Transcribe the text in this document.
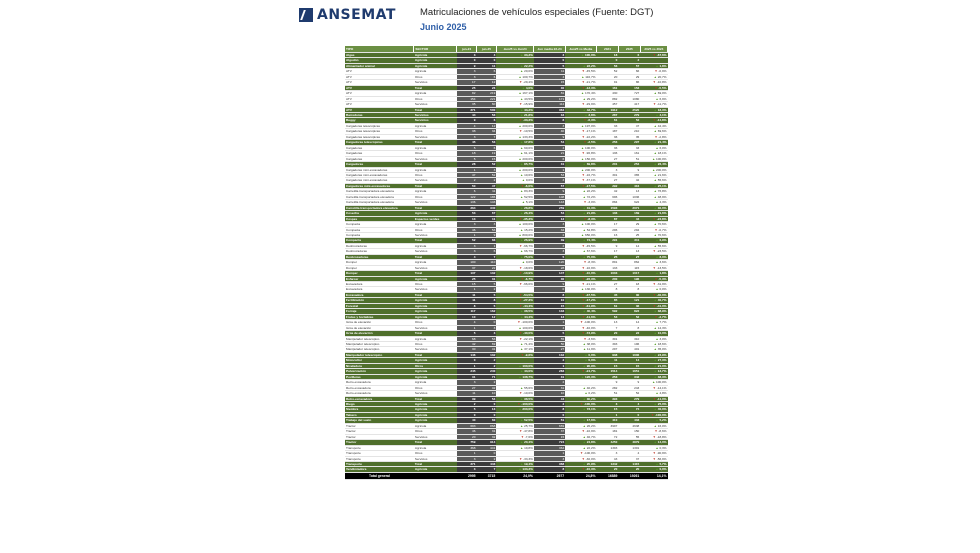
ANSEMAT	Matriculaciones de vehículos especiales (Fuente: DGT)
Junio 2025
TIPO	SECTOR	jun-24	jun-25	Jun25 vs Jun24	Jun media 22-24	Jun25 vs Media	2024	2025	2025 vs 2024
Algas	Agrícola	3	4	▲ 33,3%	3	▲ 100,0%	18	6	▼ -67,6%
Algodón	Agrícola	0	0		0		0	2	
Alimentador animal	Agrícola	9	11	▲ 22,2%	5	▲ 22,2%	56	57	▲ 1,8%
ATV	Agrícola	3	6	▲ 20,0%	11	▼ -45,5%	52	66	▼ -0,9%
ATV	Otros	3	6	▲ 100,7%	4	▲ 116,7%	20	29	▲ 20,7%
ATV	Servicios	17	12	▼ -29,4%	15	▼ -21,7%	91	86	▼ -10,8%
ATV	Total	25	26	▲ 4,0%	30	▼ -13,3%	161	153	▼ -5,5%
ATV	Agrícola	82	219	▲ 167,1%	81	▲ 170,4%	430	727	▲ 69,0%
ATV	Otros	154	221	▲ 43,5%	171	▲ 29,2%	882	1080	▲ 6,9%
ATV	Servicios	35	60	▼ -15,9%	112	▼ -29,9%	457	417	▼ -11,7%
ATV	Total	371	500	▲ 43,2%	364	▲ 43,7%	1912	2520	▲ 18,3%
Barredoras	Servicios	44	53	▲ 21,8%	34	▲ 3,8%	287	279	▲ 4,1%
Buggy	Servicios	9	6	▼ -33,3%	8	▼ -6,3%	61	52	▼ -14,8%
Cargadoras telescópicas	Agrícola	4	12	▲ 200,0%	3	▲ 197,0%	33	47	▲ 42,4%
Cargadoras telescópicas	Otros	38	34	▼ -10,5%	40	▼ -17,1%	187	210	▲ 69,6%
Cargadoras telescópicas	Servicios	3	7	▲ 133,3%	9	▼ -22,2%	36	35	▼ -2,8%
Cargadoras telescópicas	Total	45	53	▲ 17,8%	54	▼ -2,5%	256	297	▲ 21,4%
Cargadoras	Agrícola	5	6	▲ 60,0%	4	▲ 100,0%	36	33	▲ 6,0%
Cargadoras	Otros	18	19	▲ 61,1%	21	▼ -96,8%	136	161	▲ 18,1%
Cargadoras	Servicios	5	15	▲ 200,0%	6	▲ 150,0%	27	51	▲ 100,0%
Cargadoras	Total	28	52	▲ 85,7%	31	▲ 69,8%	201	254	▲ 26,4%
Cargadoras mini-excavadoras	Agrícola	1	3	▲ 200,0%	1	▲ 200,0%	3	9	▲ 200,0%
Cargadoras mini-excavadoras	Otros	47	52	▲ 10,6%	53	▼ -16,7%	301	365	▲ 21,6%
Cargadoras mini-excavadoras	Servicios	2	2	▲ 0,0%	3	▼ -37,1%	27	42	▲ 55,6%
Cargadoras mini-excavadoras	Total	50	47	▼ -6,0%	57	▼ -17,5%	292	416	▲ 25,1%
Carretilla transportadora elevadora	Agrícola	6	11	▲ 83,3%	9	▲ 22,2%	42	13	▲ 76,8%
Carretilla transportadora elevadora	Otros	122	186	▲ 52,5%	108	▲ 72,2%	696	1036	▲ 48,9%
Carretilla transportadora elevadora	Servicios	136	143	▲ 5,1%	143	▼ -3,0%	884	922	▲ 4,3%
Carretilla transportadora elevadora	Total	264	340	▲ 28,8%	259	▲ 31,3%	1593	2071	▲ 30,0%
Cosecha	Agrícola	53	67	▲ 26,4%	54	▲ 21,9%	136	169	▲ 21,6%
Cospes	Espacios verdes	13	11	▼ -35,3%	12	▼ -8,3%	87	44	▼ -22,8%
Compacta	Agrícola	3	3	▲ 100,0%	3	▲ 100,0%	17	29	▲ 70,6%
Compacta	Otros	46	53	▲ 15,2%	34	▲ 54,8%	296	294	▼ -0,7%
Compacta	Servicios	1	9	▲ 800,0%	2	▲ 650,0%	16	25	▲ 70,6%
Compacta	Total	52	66	▲ 26,9%	39	▲ 74,4%	291	311	▲ 6,9%
Desbrozadoras	Agrícola	3	1	▼ -66,7%	2	▼ -45,5%	9	14	▲ 55,6%
Desbrozadoras	Servicios	3	6	▲ 66,7%	3	▲ 67,6%	17	13	▼ -23,5%
Desbrozadoras	Total	4	7	▲ 75,0%	5	▲ 75,0%	25	27	▲ 8,0%
Dumper	Agrícola	100	110	▲ 0,0%	120	▼ -8,3%	891	862	▲ 3,6%
Dumper	Servicios	37	22	▼ -18,6%	28	▼ -10,9%	133	115	▼ -13,5%
Dumper	Total	137	132	▼ -10,9%	147	▼ -10,0%	1003	1017	▲ 1,8%
Esfarcer	Agrícola	25	31	▼ -6,7%	30	▼ -26,3%	200	196	▼ -5,3%
Excavadora	Otros	15	5	▼ -66,0%	9	▼ -21,1%	27	18	▼ -31,9%
Excavadora	Servicios	1	2		0	▲ 130,0%	8	8	▲ 0,0%
Excavadora	Total	11	5	▼ -54,5%	8	▼ -37,5%	45	30	▼ -40,0%
Fertilización	Agrícola	11	8	▼ -27,3%	10	▼ -17,2%	85	121	▲ 40,7%
Forestal	Agrícola	8	5	▼ -44,4%	15	▼ -61,9%	61	36	▼ -41,0%
Forraje	Agrícola	117	162	▲ 38,5%	133	▲ 40,4%	592	822	▲ 38,9%
Frutas y hortalizas	Agrícola	10	12	▲ 44,4%	13	▼ -11,6%	54	52	▼ -3,7%
Grúa de elevación	Otros	4	0	▼ -100,0%	1	▼ -100,0%	13	14	▲ 7,7%
Grúa de elevación	Servicios	1	3	▲ 100,0%	4	▼ -40,0%	7	8	▲ 14,3%
Grúa de elevación	Total	5	3	▼ -40,0%	5	▼ -73,9%	20	22	▲ 10,0%
Manipulador telescópico	Agrícola	68	53	▼ -22,1%	55	▼ -3,6%	301	310	▲ 3,0%
Manipulador telescópico	Otros	42	69	▲ 71,4%	50	▲ 38,0%	393	196	▲ 18,6%
Manipulador telescópico	Servicios	30	41	▲ 37,1%	27	▲ 11,9%	297	401	▲ 35,0%
Manipulador telescópico	Total	146	132	▼ -9,6%	132	▲ 0,0%	938	1006	▲ 23,9%
Motocultor	Agrícola	0	2		2	▲ 0,0%	11	14	▲ 27,3%
Niveladora	Otros	1	2	▲ 100,0%	1	▲ 90,9%	15	15	▲ 21,0%
Pulverización	Agrícola	245	240	▲ 43,0%	283	▼ -24,7%	1514	1651	▲ 13,7%
Pocilleras	Agrícola	31	71	▲ 138,7%	31	▲ 126,3%	253	342	▲ 38,3%
Retro-excavadora	Agrícola	3	2		2		9	9	▲ 100,0%
Retro-excavadora	Otros	27	42	▲ 55,6%	31	▲ 40,2%	282	243	▼ -14,1%
Retro-excavadora	Servicios	11	10	▼ -10,0%	10	▲ 0,2%	51	52	▲ 4,8%
Retro-excavadora	Total	39	54	▲ 38,5%	44	▲ 30,2%	393	279	▼ -11,0%
Riego	Agrícola	2	0	▼ -100,0%	2	▼ -100,0%	3	4	▲ 25,0%
Siembra	Agrícola	5	13	▲ 200,0%	8	▲ 73,1%	15	74	▲ 40,0%
Tabaco	Agrícola	0	0		0		1	0	▼ -100,0%
Trabajo del suelo	Agrícola	40	60	▲ 52,5%	51	▲ 17,6%	410	433	▲ 5,2%
Tractor	Agrícola	693	868	▲ 25,7%	669	▲ 26,2%	3997	4638	▲ 16,0%
Tractor	Otros	46	31	▼ -47,8%	37	▼ -10,9%	181	150	▼ -8,6%
Tractor	Servicios	20	32	▼ -7,6%	15	▲ 46,7%	72	55	▼ -18,8%
Tractor	Total	759	914	▲ 20,4%	724	▲ 24,8%	4250	4879	▲ 14,0%
Transporte	Agrícola	368	441	▲ 19,8%	364	▲ 22,2%	1393	1301	▲ 0,3%
Transporte	Otros	1	0		1	▼ -100,0%	3	4	▼ -90,9%
Transporte	Servicios	3	2	▼ -33,3%	3	▼ -30,0%	43	37	▼ -56,9%
Transporte	Total	371	443	▲ 19,4%	368	▲ 20,9%	1342	1415	▲ 5,7%
Vendimiadora	Agrícola	3	7	▲ 133,3%	8	▼ -10,3%	20	20	▲ 0,0%
Total general		2995	3715	24,0%	2977	24,8%	16889	19261	14,1%
